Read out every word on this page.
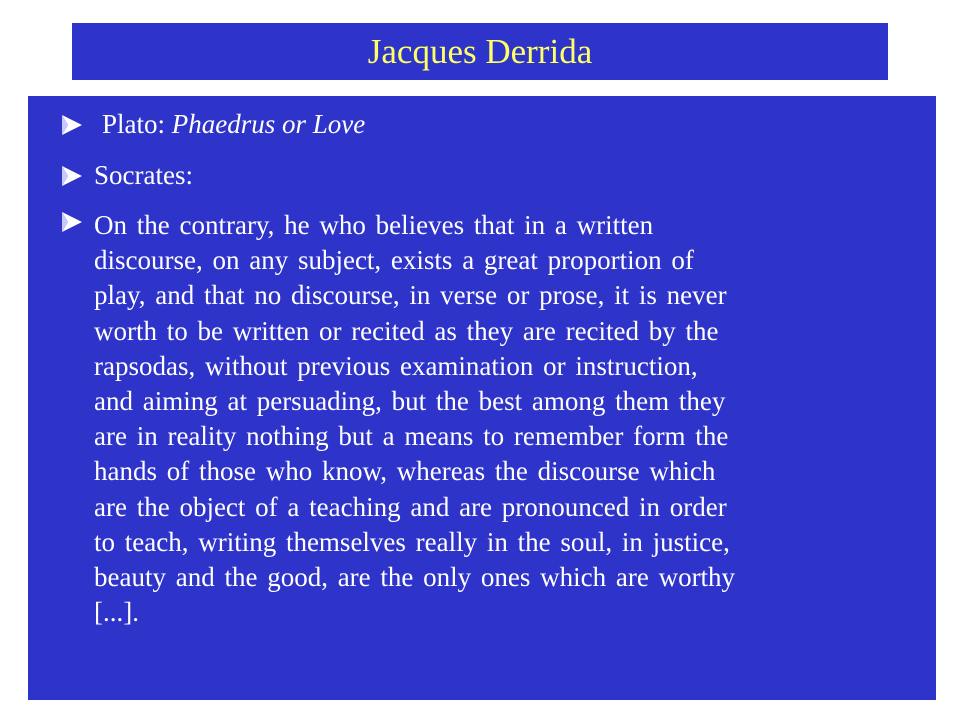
Jacques Derrida
Plato: Phaedrus or Love
Socrates:
On the contrary, he who believes that in a written
discourse, on any subject, exists a great proportion of
play, and that no discourse, in verse or prose, it is never
worth to be written or recited as they are recited by the
rapsodas, without previous examination or instruction,
and aiming at persuading, but the best among them they
are in reality nothing but a means to remember form the
hands of those who know, whereas the discourse which
are the object of a teaching and are pronounced in order
to teach, writing themselves really in the soul, in justice,
beauty and the good, are the only ones which are worthy
[...].
